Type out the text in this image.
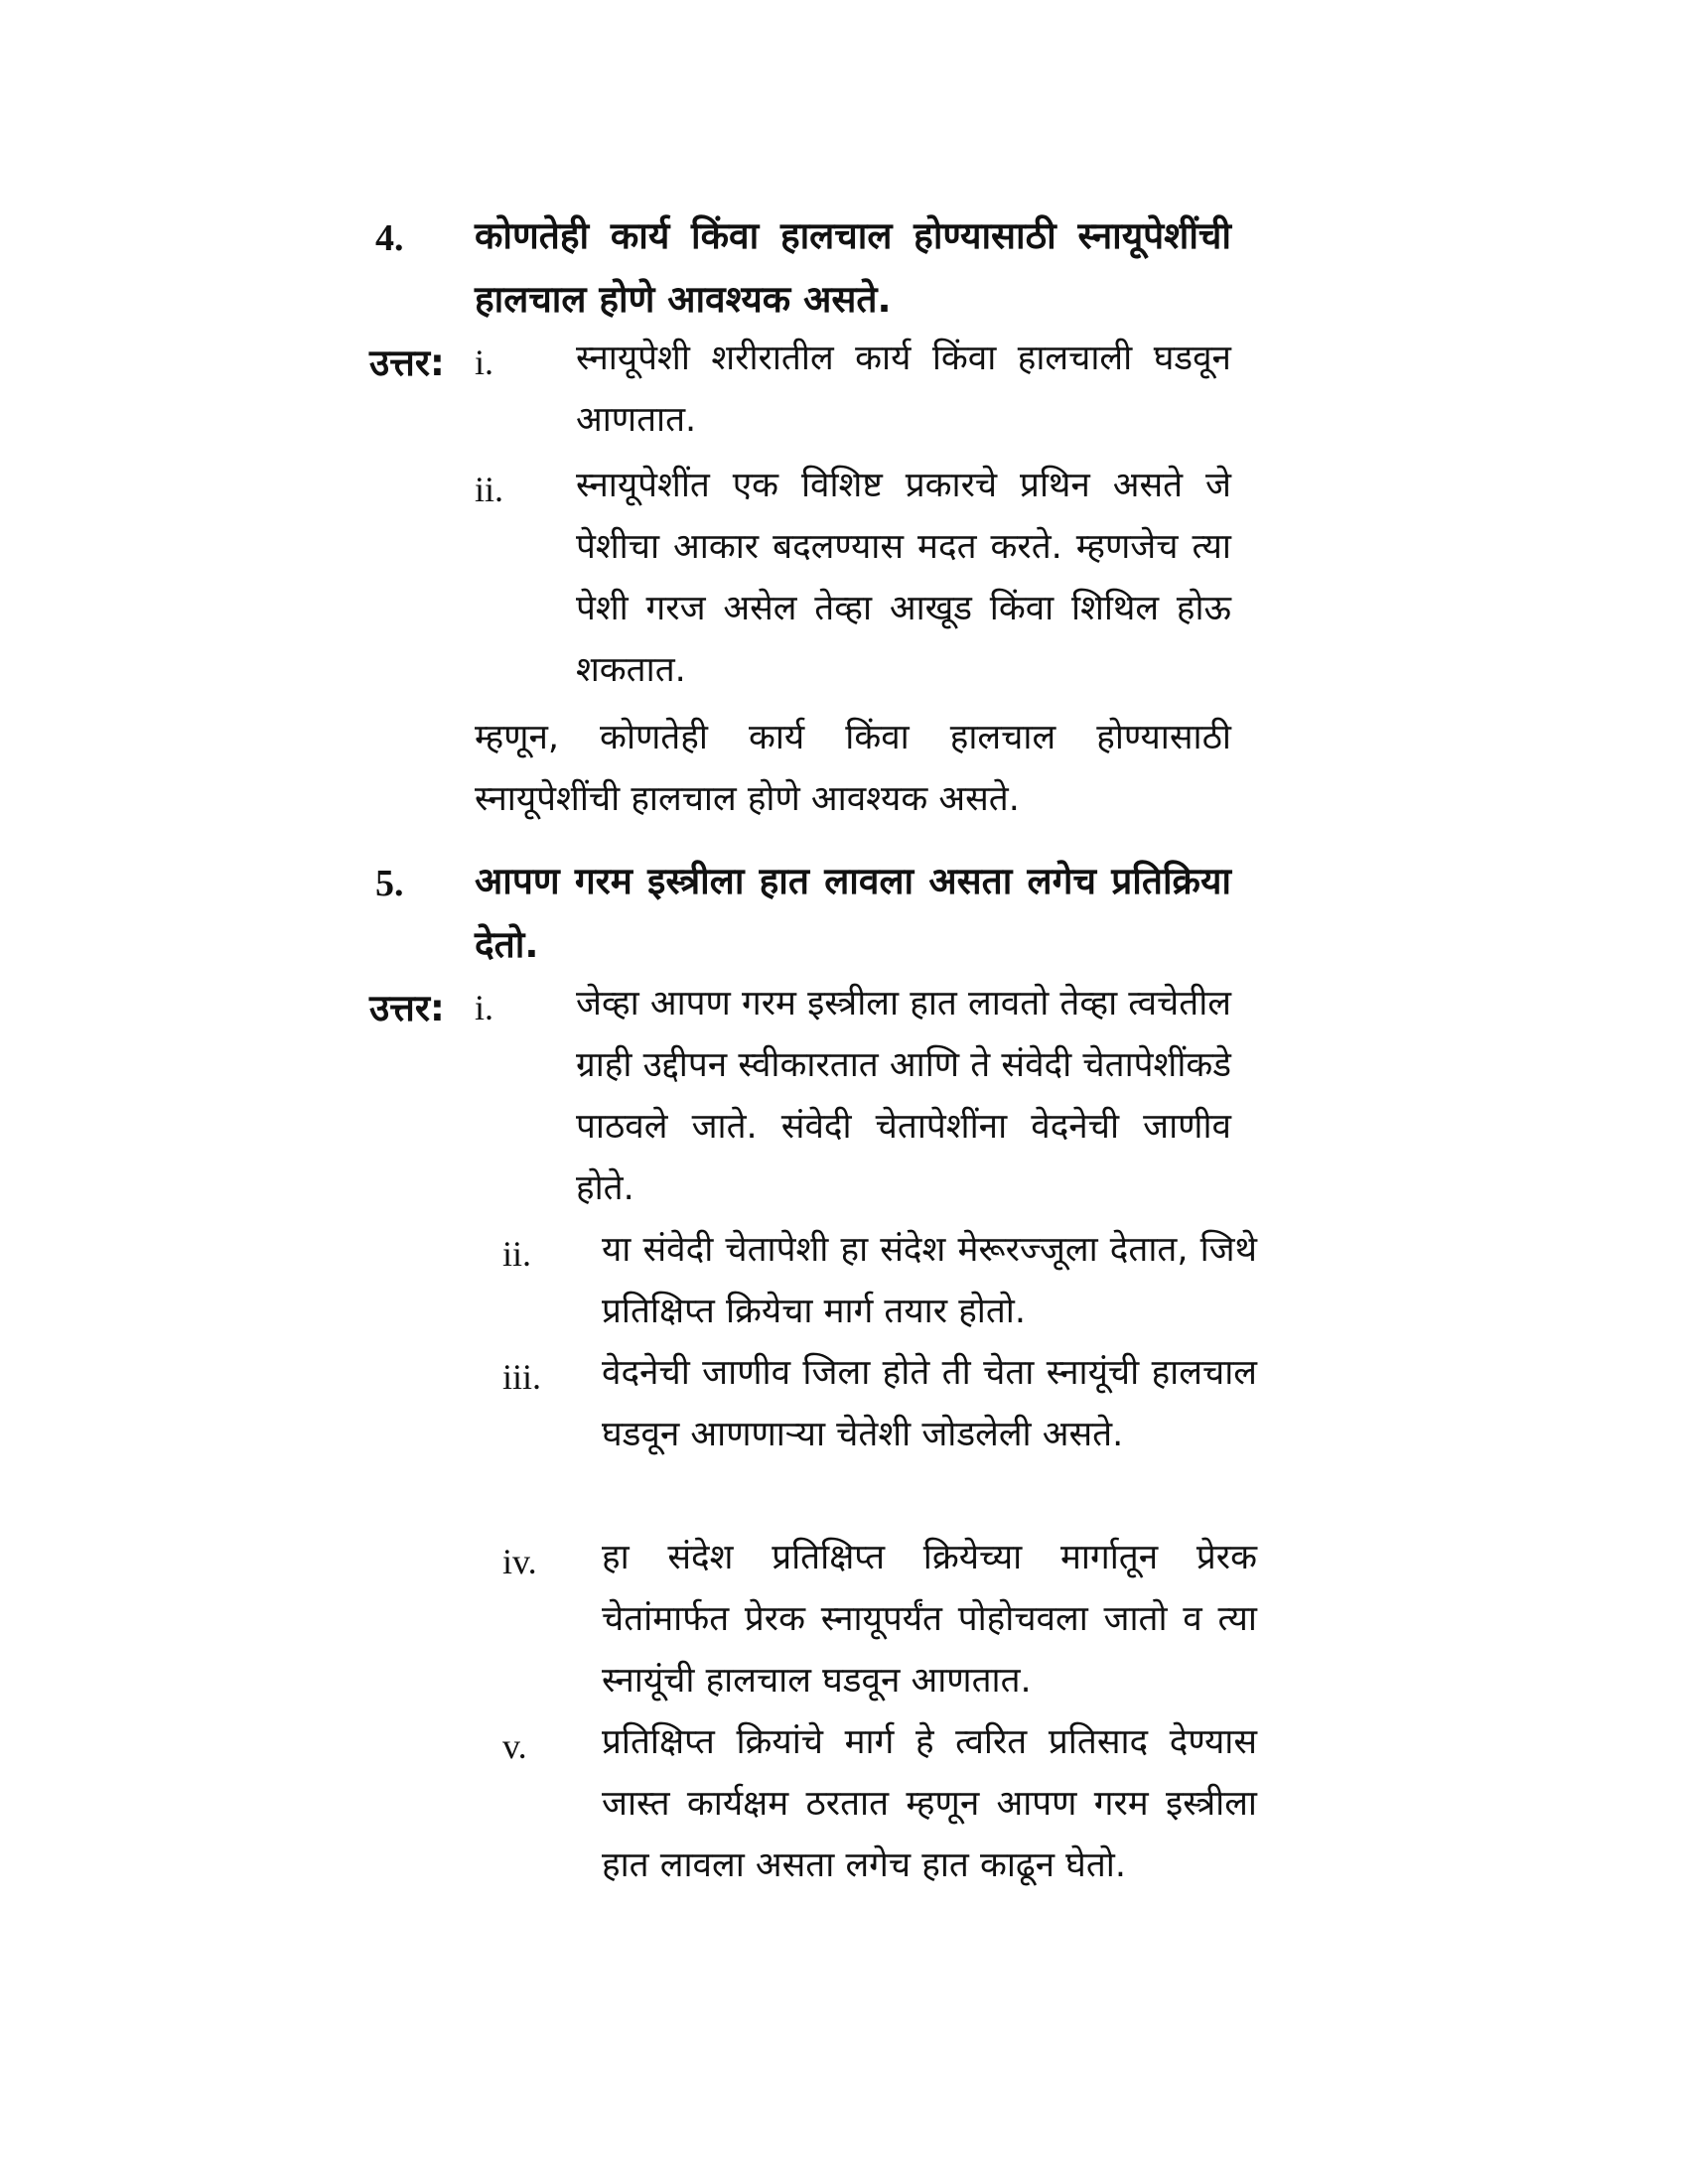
4. कोणतेही कार्य किंवा हालचाल होण्यासाठी स्नायूपेशींची हालचाल होणे आवश्यक असते.
उत्तर: i. स्नायूपेशी शरीरातील कार्य किंवा हालचाली घडवून आणतात.
ii. स्नायूपेशींत एक विशिष्ट प्रकारचे प्रथिन असते जे पेशीचा आकार बदलण्यास मदत करते. म्हणजेच त्या पेशी गरज असेल तेव्हा आखूड किंवा शिथिल होऊ शकतात.
म्हणून, कोणतेही कार्य किंवा हालचाल होण्यासाठी स्नायूपेशींची हालचाल होणे आवश्यक असते.
5. आपण गरम इस्त्रीला हात लावला असता लगेच प्रतिक्रिया देतो.
उत्तर: i. जेव्हा आपण गरम इस्त्रीला हात लावतो तेव्हा त्वचेतील ग्राही उद्दीपन स्वीकारतात आणि ते संवेदी चेतापेशींकडे पाठवले जाते. संवेदी चेतापेशींना वेदनेची जाणीव होते.
ii. या संवेदी चेतापेशी हा संदेश मेरूरज्जूला देतात, जिथे प्रतिक्षिप्त क्रियेचा मार्ग तयार होतो.
iii. वेदनेची जाणीव जिला होते ती चेता स्नायूंची हालचाल घडवून आणणाऱ्या चेतेशी जोडलेली असते.
iv. हा संदेश प्रतिक्षिप्त क्रियेच्या मार्गातून प्रेरक चेतांमार्फत प्रेरक स्नायूपर्यंत पोहोचवला जातो व त्या स्नायूंची हालचाल घडवून आणतात.
v. प्रतिक्षिप्त क्रियांचे मार्ग हे त्वरित प्रतिसाद देण्यास जास्त कार्यक्षम ठरतात म्हणून आपण गरम इस्त्रीला हात लावला असता लगेच हात काढून घेतो.
